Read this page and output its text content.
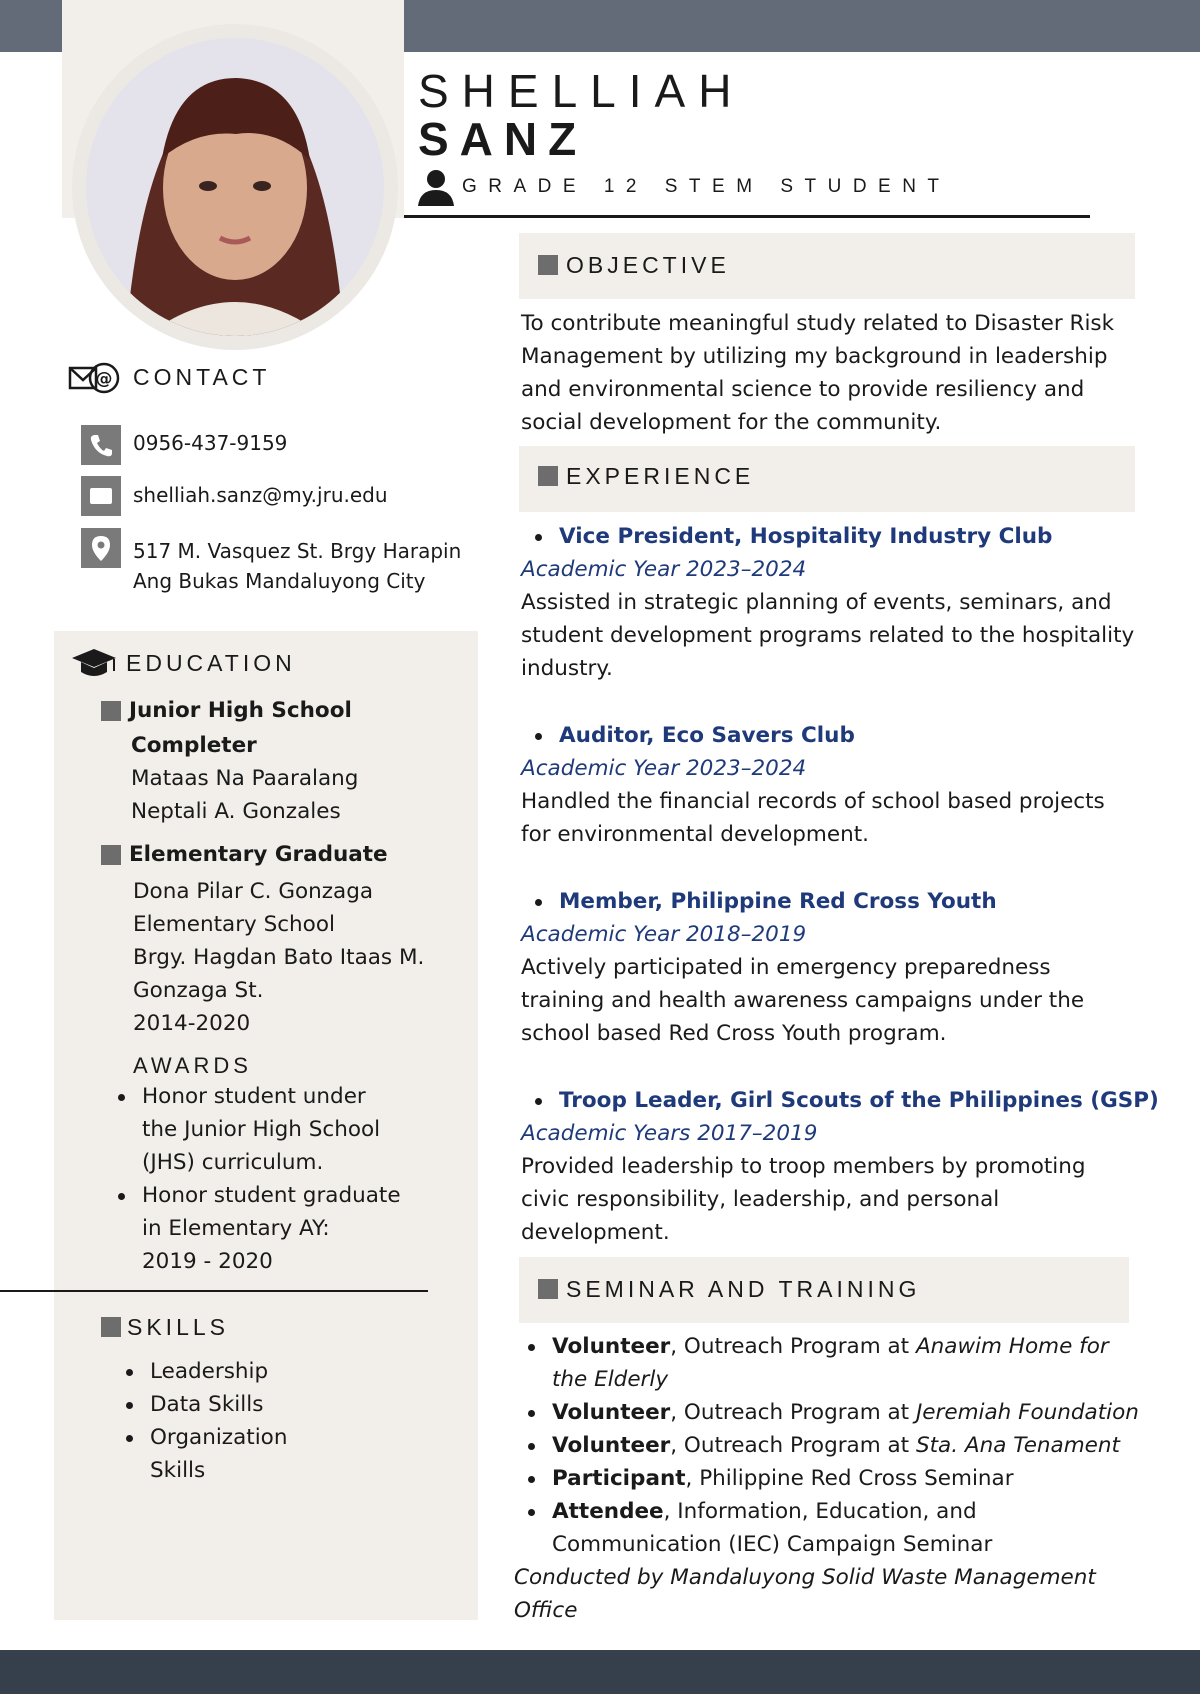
SHELLIAH
SANZ
GRADE 12 STEM STUDENT
@ CONTACT
0956-437-9159
shelliah.sanz@my.jru.edu
517 M. Vasquez St. Brgy Harapin
Ang Bukas Mandaluyong City
EDUCATION
Junior High School
Completer
Mataas Na Paaralang
Neptali A. Gonzales
Elementary Graduate
Dona Pilar C. Gonzaga
Elementary School
Brgy. Hagdan Bato Itaas M.
Gonzaga St.
2014-2020
AWARDS
Honor student under
the Junior High School
(JHS) curriculum.
Honor student graduate
in Elementary AY:
2019 - 2020
SKILLS
Leadership
Data Skills
Organization
Skills
OBJECTIVE
To contribute meaningful study related to Disaster Risk
Management by utilizing my background in leadership
and environmental science to provide resiliency and
social development for the community.
EXPERIENCE
Vice President, Hospitality Industry Club
Academic Year 2023–2024
Assisted in strategic planning of events, seminars, and
student development programs related to the hospitality
industry.
Auditor, Eco Savers Club
Academic Year 2023–2024
Handled the financial records of school based projects
for environmental development.
Member, Philippine Red Cross Youth
Academic Year 2018–2019
Actively participated in emergency preparedness
training and health awareness campaigns under the
school based Red Cross Youth program.
Troop Leader, Girl Scouts of the Philippines (GSP)
Academic Years 2017–2019
Provided leadership to troop members by promoting
civic responsibility, leadership, and personal
development.
SEMINAR AND TRAINING
Volunteer, Outreach Program at Anawim Home for
the Elderly
Volunteer, Outreach Program at Jeremiah Foundation
Volunteer, Outreach Program at Sta. Ana Tenament
Participant, Philippine Red Cross Seminar
Attendee, Information, Education, and
Communication (IEC) Campaign Seminar
Conducted by Mandaluyong Solid Waste Management
Office
